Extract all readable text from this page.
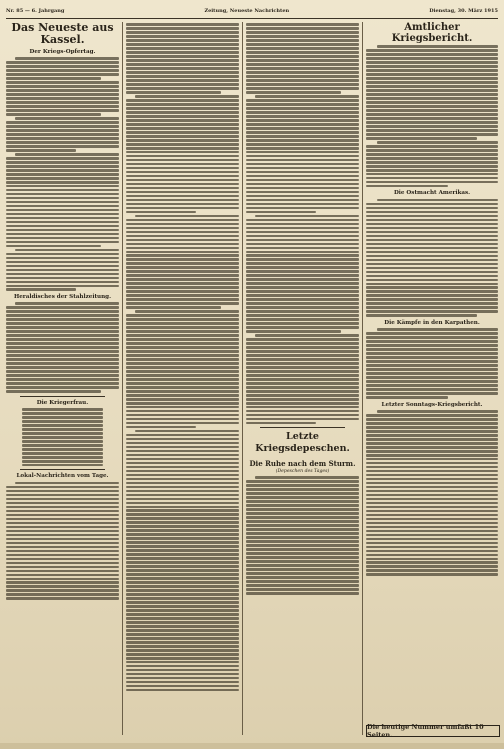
Nr. 85 — 6. Jahrgang	Zeitung, Neueste Nachrichten	Dienstag, 30. März 1915
Das Neueste aus Kassel.
Der Kriegs-Opfertag.
Heraldisches der Stahlzeitung.
Die Kriegerfrau.
Lokal-Nachrichten vom Tage.
Letzte Kriegsdepeschen.
Die Ruhe nach dem Sturm.
(Depeschen des Tages)
Amtlicher Kriegsbericht.
Die Ostmacht Amerikas.
Die Kämpfe in den Karpathen.
Letzter Sonntags-Kriegsbericht.
Die heutige Nummer umfaßt 10 Seiten.
